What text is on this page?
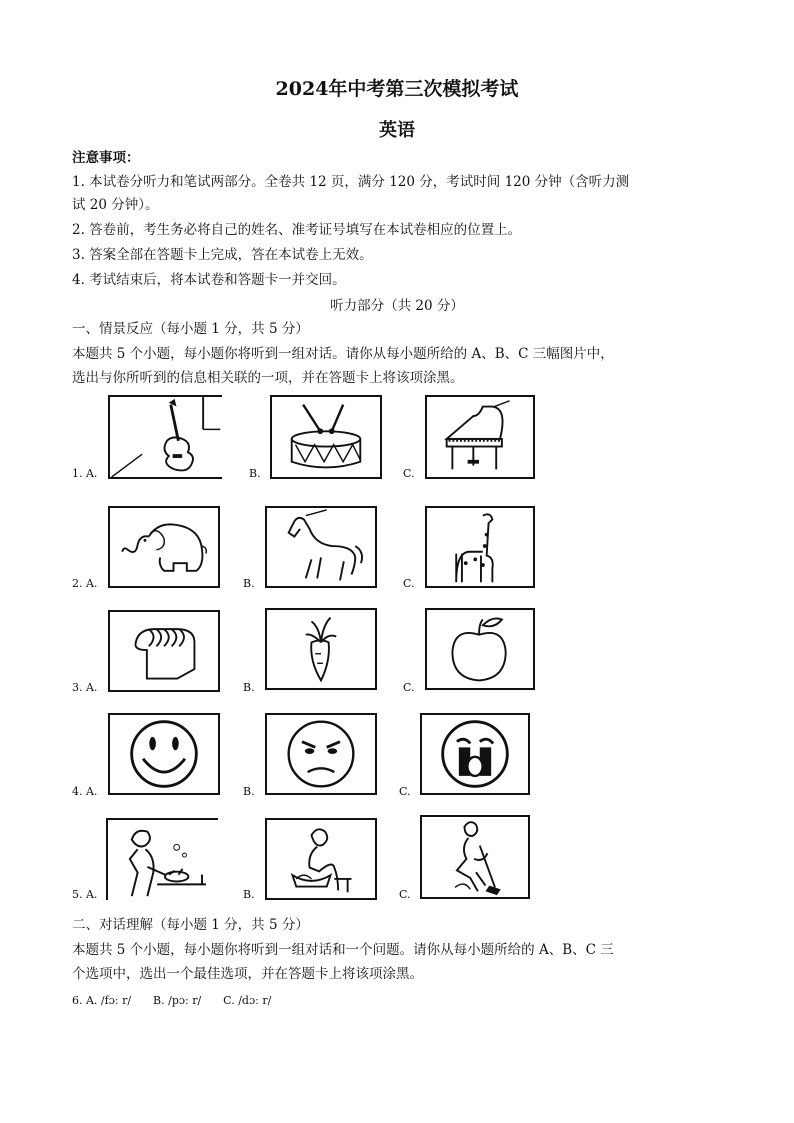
2024年中考第三次模拟考试
英语
注意事项：
1. 本试卷分听力和笔试两部分。全卷共 12 页，满分 120 分，考试时间 120 分钟（含听力测
试 20 分钟）。
2. 答卷前，考生务必将自己的姓名、准考证号填写在本试卷相应的位置上。
3. 答案全部在答题卡上完成，答在本试卷上无效。
4. 考试结束后，将本试卷和答题卡一并交回。
听力部分（共 20 分）
一、情景反应（每小题 1 分，共 5 分）
本题共 5 个小题，每小题你将听到一组对话。请你从每小题所给的 A、B、C 三幅图片中，
选出与你所听到的信息相关联的一项，并在答题卡上将该项涂黑。
1. A.	B.	C.
2. A.	B.	C.
3. A.	B.	C.
4. A.	B.	C.
5. A.	B.	C.
二、对话理解（每小题 1 分，共 5 分）
本题共 5 个小题，每小题你将听到一组对话和一个问题。请你从每小题所给的 A、B、C 三
个选项中，选出一个最佳选项，并在答题卡上将该项涂黑。
6. A. /fɔː r/　　B. /pɔː r/　　C. /dɔː r/
